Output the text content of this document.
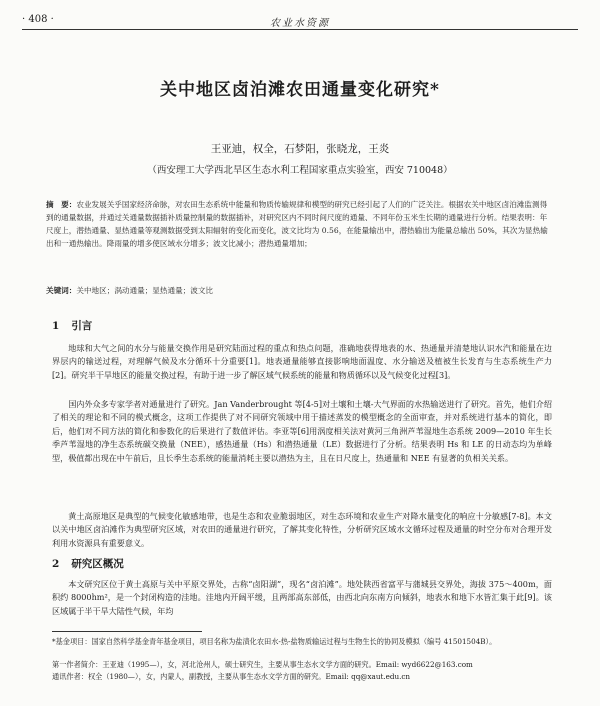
· 408 ·	农业水资源
关中地区卤泊滩农田通量变化研究*
王亚迪，权全，石梦阳，张晓龙，王炎
（西安理工大学西北旱区生态水利工程国家重点实验室，西安 710048）
摘　要：农业发展关乎国家经济命脉，对农田生态系统中能量和物质传输规律和模型的研究已经引起了人们的广泛关注。根据农关中地区卤泊滩监测得到的通量数据，并通过关通量数据插补质量控制量的数据插补，对研究区内不同时间尺度的通量、不同年份玉米生长期的通量进行分析。结果表明：年尺度上，潜热通量、显热通量等观测数据受到太阳辐射的变化而变化，波文比均为 0.56，在能量输出中，潜热输出为能量总输出 50%，其次为显热输出和一通热输出。降雨量的增多使区域水分增多；波文比减小；潜热通量增加；
关键词：关中地区；涡动通量；显热通量；波文比
1 引言
地球和大气之间的水分与能量交换作用是研究陆面过程的重点和热点问题，准确地获得地表的水、热通量并清楚地认识水汽和能量在边界层内的输送过程，对理解气候及水分循环十分重要[1]。地表通量能够直接影响地面温度、水分输送及植被生长发育与生态系统生产力[2]。研究半干旱地区的能量交换过程，有助于进一步了解区域气候系统的能量和物质循环以及气候变化过程[3]。
国内外众多专家学者对通量进行了研究。Jan Vanderbrought 等[4-5]对土壤和土壤-大气界面的水热输送进行了研究。首先，他们介绍了相关的理论和不同的模式概念，这项工作提供了对不同研究领域中用于描述蒸发的模型概念的全面审查，并对系统进行基本的简化，即后，他们对不同方法的简化和参数化的后果进行了数值评估。李亚等[6]用涡度相关法对黄河三角洲芦苇湿地生态系统 2009—2010 年生长季芦苇湿地的净生态系统碳交换量（NEE），感热通量（Hs）和潜热通量（LE）数据进行了分析。结果表明 Hs 和 LE 的日动态均为单峰型，极值都出现在中午前后，且长季生态系统的能量消耗主要以潜热为主，且在日尺度上，热通量和 NEE 有显著的负相关关系。
黄土高原地区是典型的气候变化敏感地带，也是生态和农业脆弱地区，对生态环境和农业生产对降水量变化的响应十分敏感[7-8]。本文以关中地区卤泊滩作为典型研究区域，对农田的通量进行研究，了解其变化特性，分析研究区域水文循环过程及通量的时空分布对合理开发利用水资源具有重要意义。
2 研究区概况
本文研究区位于黄土高原与关中平原交界处，古称“卤阳湖”，现名“卤泊滩”。地处陕西省富平与蒲城县交界处，海拔 375～400m，面积约 8000hm²，是一个封闭构造的洼地。洼地内开阔平缓，且两部高东部低，由西北向东南方向倾斜，地表水和地下水皆汇集于此[9]。该区域属于半干旱大陆性气候，年均
*基金项目：国家自然科学基金青年基金项目，项目名称为盐渍化农田水-热-盐物质输运过程与生物生长的协同及模拟（编号 41501504B）。
第一作者简介：王亚迪（1995—），女，河北沧州人，硕士研究生，主要从事生态水文学方面的研究。Email: wyd6622@163.com
通讯作者：权全（1980—），女，内蒙人，副教授，主要从事生态水文学方面的研究。Email: qq@xaut.edu.cn
